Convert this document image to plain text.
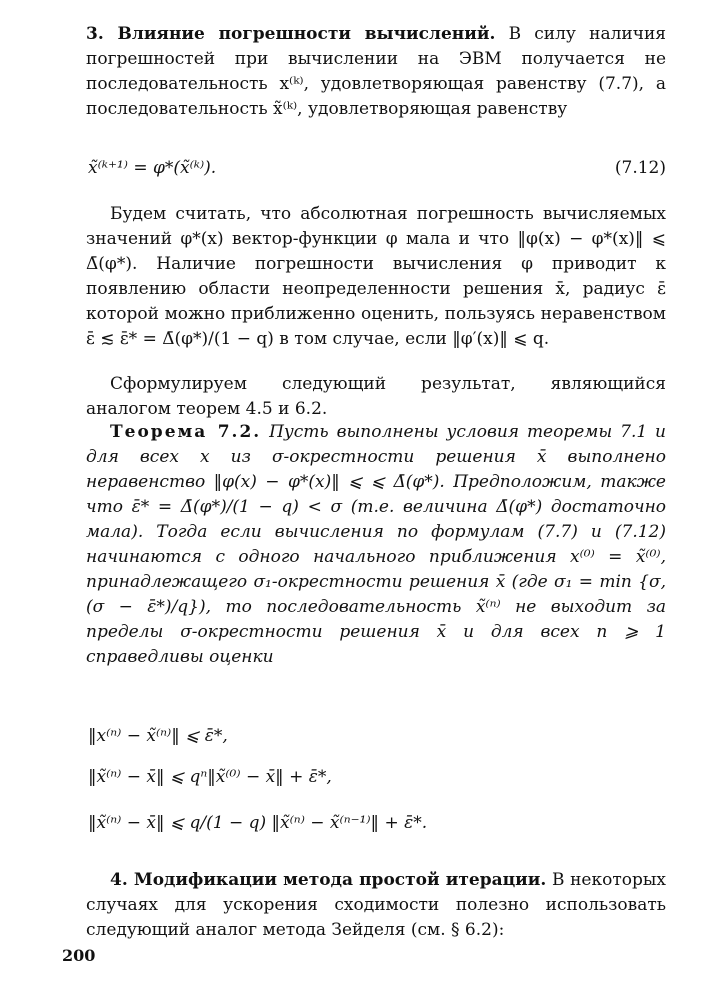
3. Влияние погрешности вычислений. В силу наличия погрешностей при вычислении на ЭВМ получается не последовательность x⁽ᵏ⁾, удовлетворяющая равенству (7.7), а последовательность x̃⁽ᵏ⁾, удовлетворяющая равенству

x̃⁽ᵏ⁺¹⁾ = φ*(x̃⁽ᵏ⁾).	(7.12)

Будем считать, что абсолютная погрешность вычисляемых значений φ*(x) вектор-функции φ мала и что ‖φ(x) − φ*(x)‖ ⩽ Δ̄(φ*). Наличие погрешности вычисления φ приводит к появлению области неопределенности решения x̄, радиус ε̄ которой можно приближенно оценить, пользуясь неравенством ε̄ ≲ ε̄* = Δ̄(φ*)/(1 − q) в том случае, если ‖φ′(x)‖ ⩽ q.

Сформулируем следующий результат, являющийся аналогом теорем 4.5 и 6.2.

Теорема 7.2. Пусть выполнены условия теоремы 7.1 и для всех x из σ-окрестности решения x̄ выполнено неравенство ‖φ(x) − φ*(x)‖ ⩽ ⩽ Δ̄(φ*). Предположим, также что ε̄* = Δ̄(φ*)/(1 − q) < σ (т.е. величина Δ̄(φ*) достаточно мала). Тогда если вычисления по формулам (7.7) и (7.12) начинаются с одного начального приближения x⁽⁰⁾ = x̃⁽⁰⁾, принадлежащего σ₁-окрестности решения x̄ (где σ₁ = min {σ, (σ − ε̄*)/q}), то последовательность x̃⁽ⁿ⁾ не выходит за пределы σ-окрестности решения x̄ и для всех n ⩾ 1 справедливы оценки

‖x⁽ⁿ⁾ − x̃⁽ⁿ⁾‖ ⩽ ε̄*,
‖x̃⁽ⁿ⁾ − x̄‖ ⩽ qⁿ‖x̃⁽⁰⁾ − x̄‖ + ε̄*,
‖x̃⁽ⁿ⁾ − x̄‖ ⩽ q/(1 − q) ‖x̃⁽ⁿ⁾ − x̃⁽ⁿ⁻¹⁾‖ + ε̄*.

4. Модификации метода простой итерации. В некоторых случаях для ускорения сходимости полезно использовать следующий аналог метода Зейделя (см. § 6.2):

200
